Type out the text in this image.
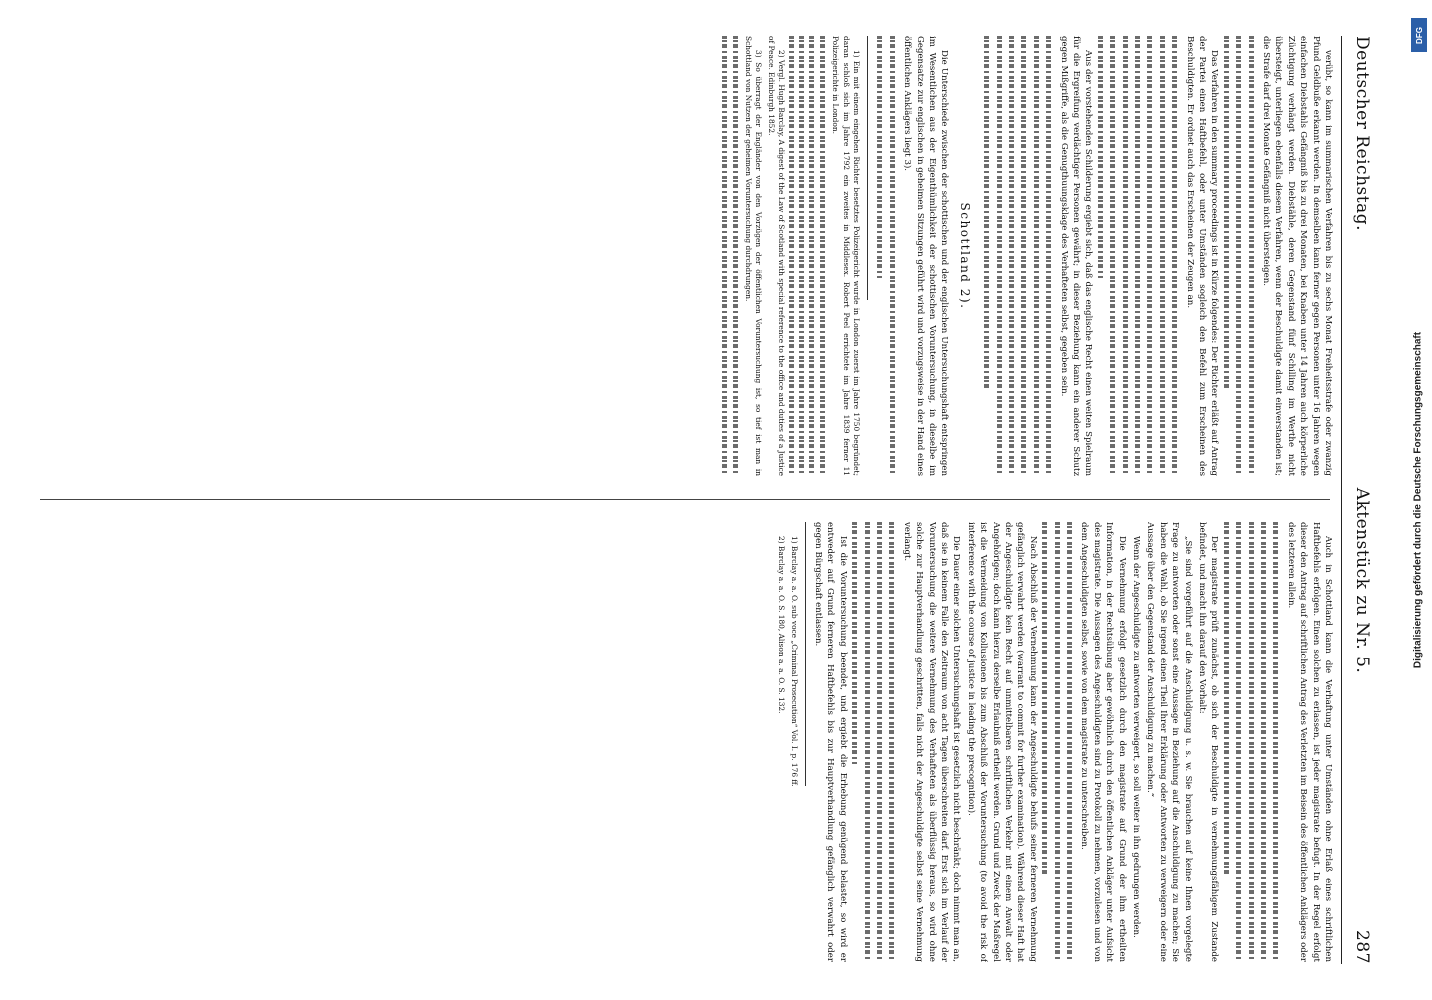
Deutscher Reichstag.
Aktenstück zu Nr. 5.
287

verübt, so kann im summarischen Verfahren bis zu sechs Monat Freiheitsstrafe oder zwanzig Pfund Geldbuße erkannt werden. In demselben kann ferner gegen Personen unter 16 Jahren wegen einfachen Diebstahls Gefängniß bis zu drei Monaten, bei Knaben unter 14 Jahren auch körperliche Züchtigung verhängt werden. Diebstähle, deren Gegenstand fünf Schilling im Werthe nicht übersteigt, unterliegen ebenfalls diesem Verfahren, wenn der Beschuldigte damit einverstanden ist; die Strafe darf drei Monate Gefängniß nicht übersteigen.

Das Verfahren in den summary proceedings ist in Kürze folgendes: Der Richter erläßt auf Antrag der Partei einen Haftbefehl, oder unter Umständen sogleich den Befehl zum Erscheinen des Beschuldigten. Er ordnet auch das Erscheinen der Zeugen an.

Aus der vorstehenden Schilderung ergiebt sich, daß das englische Recht einen weiten Spielraum für die Ergreifung verdächtiger Personen gewährt; in dieser Beziehung kann ein anderer Schutz gegen Mißgriffe, als die Genugthuungsklage des Verhafteten selbst, gegeben sein.

Schottland 2).

Die Unterschiede zwischen der schottischen und der englischen Untersuchungshaft entspringen im Wesentlichen aus der Eigenthümlichkeit der schottischen Voruntersuchung, in dieselbe im Gegensatze zur englischen in geheimen Sitzungen geführt wird und vorzugsweise in der Hand eines öffentlichen Anklägers liegt 3).

1) Ein mit einem eingehen Richter besetztes Polizeigericht wurde in London zuerst im Jahre 1750 begründet; daran schloß sich im Jahre 1792 ein zweites in Middlesex. Robert Peel errichtete im Jahre 1839 ferner 11 Polizeigerichte in London.

2) Vergl. Hugh Barclay, A digest of the Law of Scotland with special reference to the office and duties of a Justice of Peace. Edinburgh 1852.

3) So überragt der Engländer von den Vorzügen der öffentlichen Voruntersuchung ist, so tief ist man in Schottland von Nutzen der geheimen Voruntersuchung durchdrungen.

Auch in Schottland kann die Verhaftung unter Umständen ohne Erlaß eines schriftlichen Haftbefehls erfolgen. Einen solchen zu erlassen, ist jeder magistrate befugt. In der Regel erfolgt dieser den Antrag auf schriftlichen Antrag des Verletzten im Beisein des öffentlichen Anklägers oder des letzteren allein.

Der magistrate prüft zunächst, ob sich der Beschuldigte in vernehmungsfähigem Zustande befindet, und macht ihn darauf den Vorhalt:

„Sie sind vorgeführt auf die Anschuldigung u. s. w. Sie brauchen auf keine Ihnen vorgelegte Frage zu antworten oder sonst eine Aussage in Beziehung auf die Anschuldigung zu machen; Sie haben die Wahl, ob Sie irgend einen Theil Ihrer Erklärung oder Antworten zu verweigern oder eine Aussage über den Gegenstand der Anschuldigung zu machen.“

Wenn der Angeschuldigte zu antworten verweigert, so soll weiter in ihn gedrungen werden.

Die Vernehmung erfolgt gesetzlich durch den magistrate auf Grund der ihm ertheilten Information, in der Rechtsübung aber gewöhnlich durch den öffentlichen Ankläger unter Aufsicht des magistrate. Die Aussagen des Angeschuldigten sind zu Protokoll zu nehmen, vorzulesen und von dem Angeschuldigten selbst, sowie von dem magistrate zu unterschreiben.

Nach Abschluß der Vernehmung kann der Angeschuldigte behufs seiner ferneren Vernehmung gefänglich verwahrt werden (warrant to commit for further examination). Während dieser Haft hat der Angeschuldigte kein Recht auf unmittelbaren schriftlichen Verkehr mit einem Anwalt oder Angehörigen; doch kann hierzu derselbe Erlaubniß ertheilt werden. Grund und Zweck der Maßregel ist die Vermeidung von Kollusionen bis zum Abschluß der Voruntersuchung (to avoid the risk of interference with the course of justice in leading the precognition).

Die Dauer einer solchen Untersuchungshaft ist gesetzlich nicht beschränkt; doch nimmt man an, daß sie in keinem Falle den Zeitraum von acht Tagen überschreiten darf. Erst sich im Verlauf der Voruntersuchung die weitere Vernehmung des Verhafteten als überflüssig heraus, so wird ohne solche zur Hauptverhandlung geschritten, falls nicht der Angeschuldigte selbst seine Vernehmung verlangt.

Ist die Voruntersuchung beendet, und ergiebt die Erhebung genügend belastet, so wird er entweder auf Grund ferneren Haftbefehls bis zur Hauptverhandlung gefänglich verwahrt oder gegen Bürgschaft entlassen.

1) Barclay a. a. O. sub voce „Criminal Prosecution“ Vol. I. p. 176 ff.

2) Barclay a. a. O. S. 180, Alison a. a. O. S. 132.	Digitalisierung gefördert durch die Deutsche Forschungsgemeinschaft
DFG
